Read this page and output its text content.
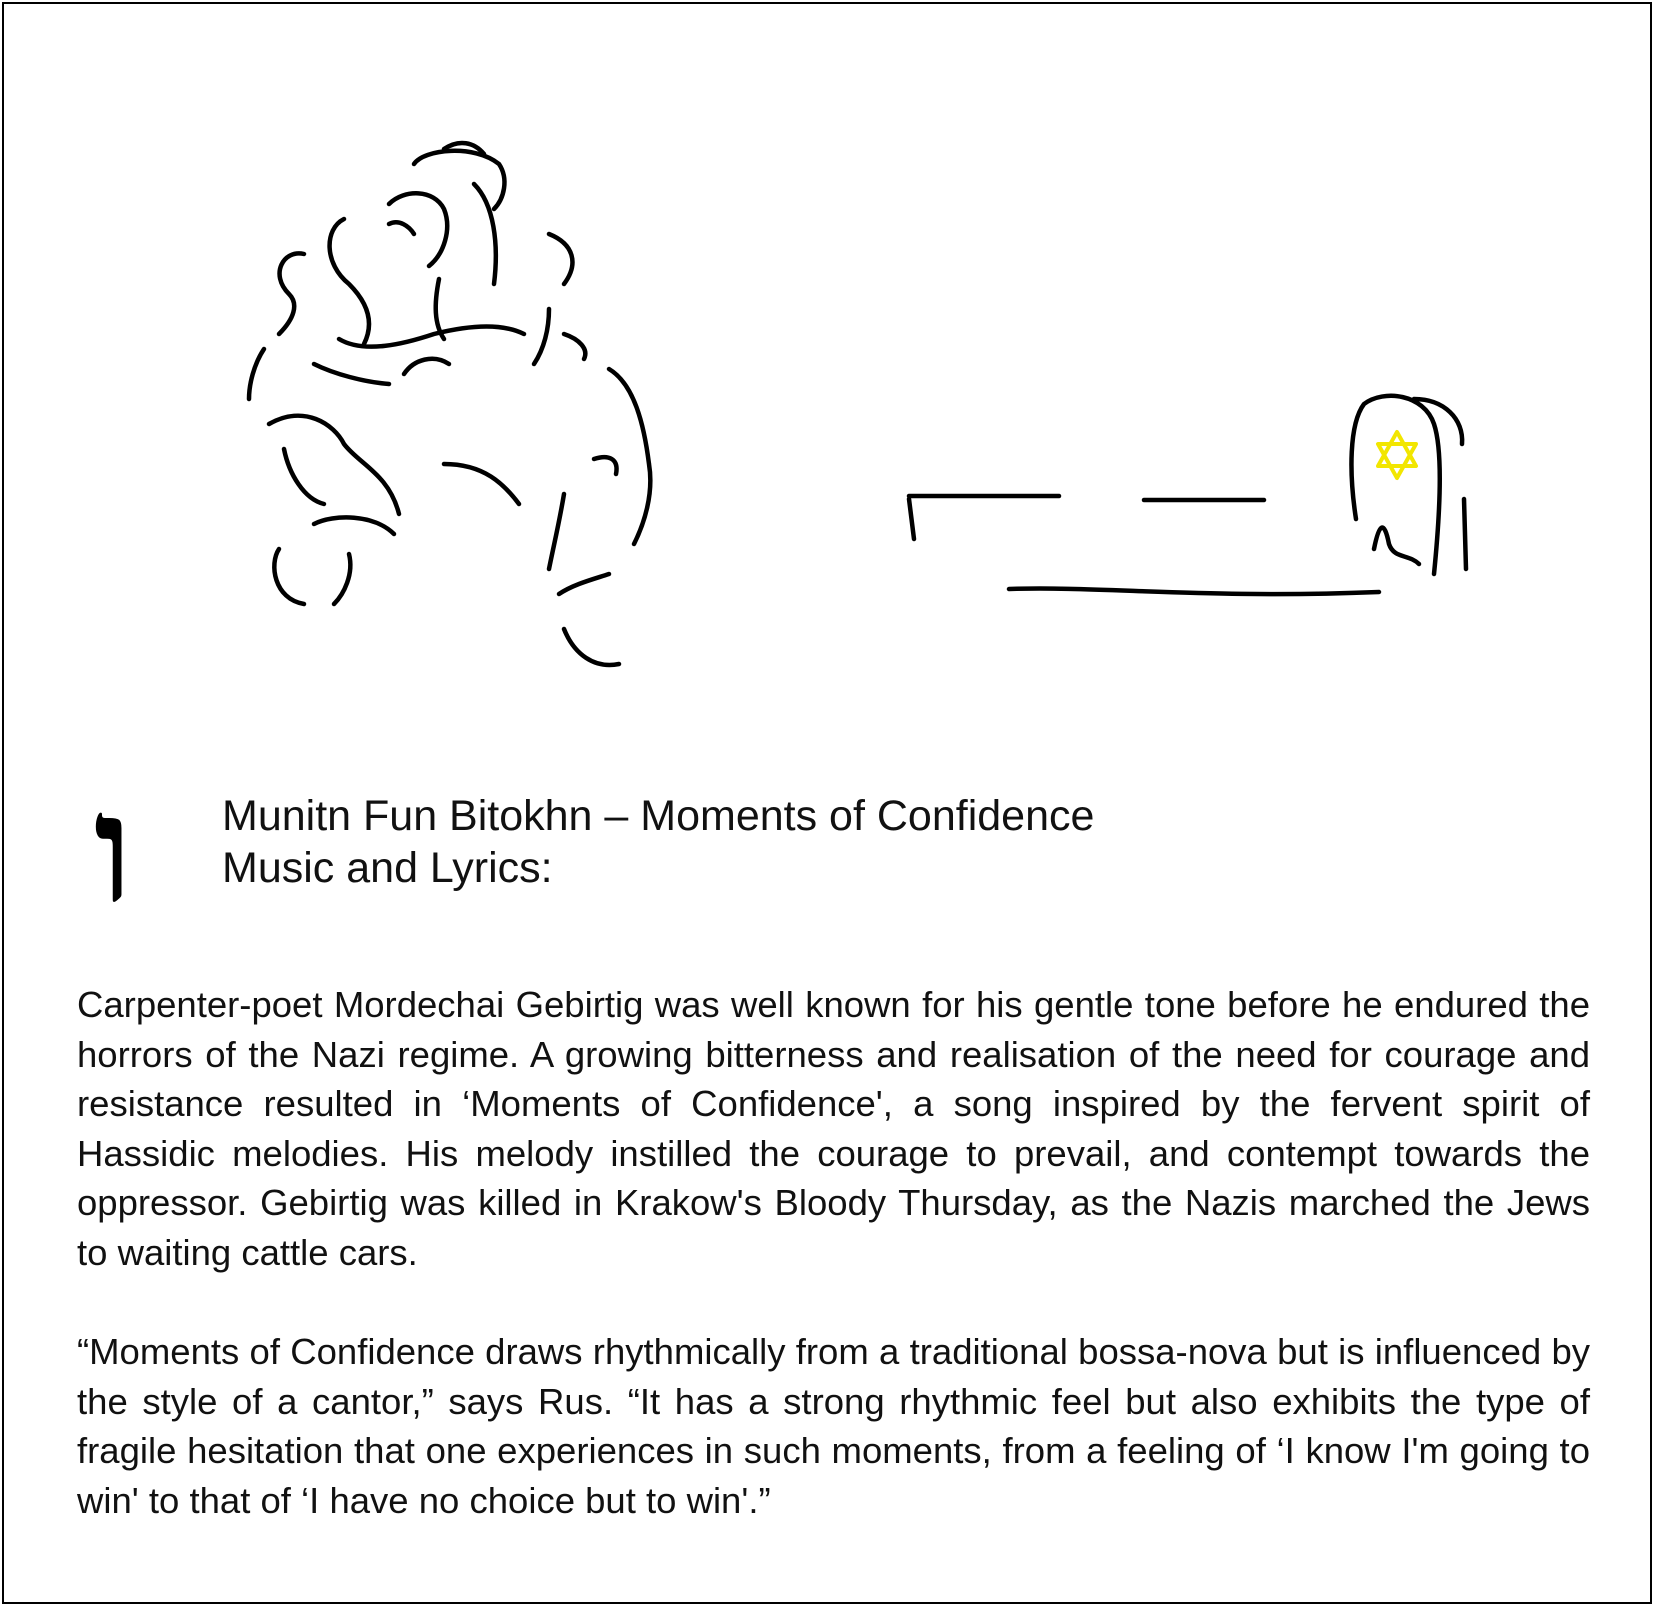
ו Munitn Fun Bitokhn – Moments of Confidence
Music and Lyrics:

Carpenter-poet Mordechai Gebirtig was well known for his gentle tone before he endured the horrors of the Nazi regime. A growing bitterness and realisation of the need for courage and resistance resulted in ‘Moments of Confidence', a song inspired by the fervent spirit of Hassidic melodies. His melody instilled the courage to prevail, and contempt towards the oppressor. Gebirtig was killed in Krakow's Bloody Thursday, as the Nazis marched the Jews to waiting cattle cars.

“Moments of Confidence draws rhythmically from a traditional bossa-nova but is influenced by the style of a cantor,” says Rus. “It has a strong rhythmic feel but also exhibits the type of fragile hesitation that one experiences in such moments, from a feeling of ‘I know I'm going to win' to that of ‘I have no choice but to win'.”
